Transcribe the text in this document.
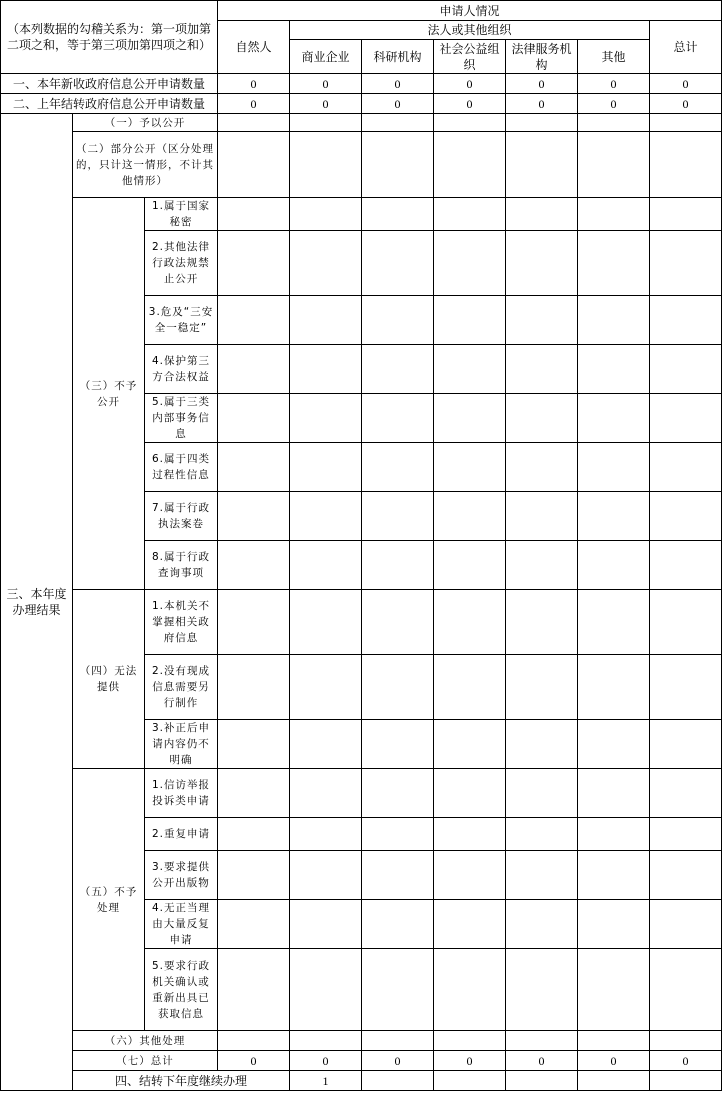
（本列数据的勾稽关系为：第一项加第二项之和，等于第三项加第四项之和）			申请人情况							
			自然人	法人或其他组织					总计	
				商业企业	科研机构	社会公益组织	法律服务机构	其他		
一、本年新收政府信息公开申请数量			0	0	0	0	0	0	0	
二、上年结转政府信息公开申请数量			0	0	0	0	0	0	0	
三、本年度办理结果	（一）予以公开									
	（二）部分公开（区分处理的，只计这一情形，不计其他情形）									
	（三）不予公开	1.属于国家秘密								
		2.其他法律行政法规禁止公开								
		3.危及“三安全一稳定”								
		4.保护第三方合法权益								
		5.属于三类内部事务信息								
		6.属于四类过程性信息								
		7.属于行政执法案卷								
		8.属于行政查询事项								
	（四）无法提供	1.本机关不掌握相关政府信息								
		2.没有现成信息需要另行制作								
		3.补正后申请内容仍不明确								
	（五）不予处理	1.信访举报投诉类申请								
		2.重复申请								
		3.要求提供公开出版物								
		4.无正当理由大量反复申请								
		5.要求行政机关确认或重新出具已获取信息								
	（六）其他处理									
	（七）总计		0	0	0	0	0	0	0	
	四、结转下年度继续办理			1						
